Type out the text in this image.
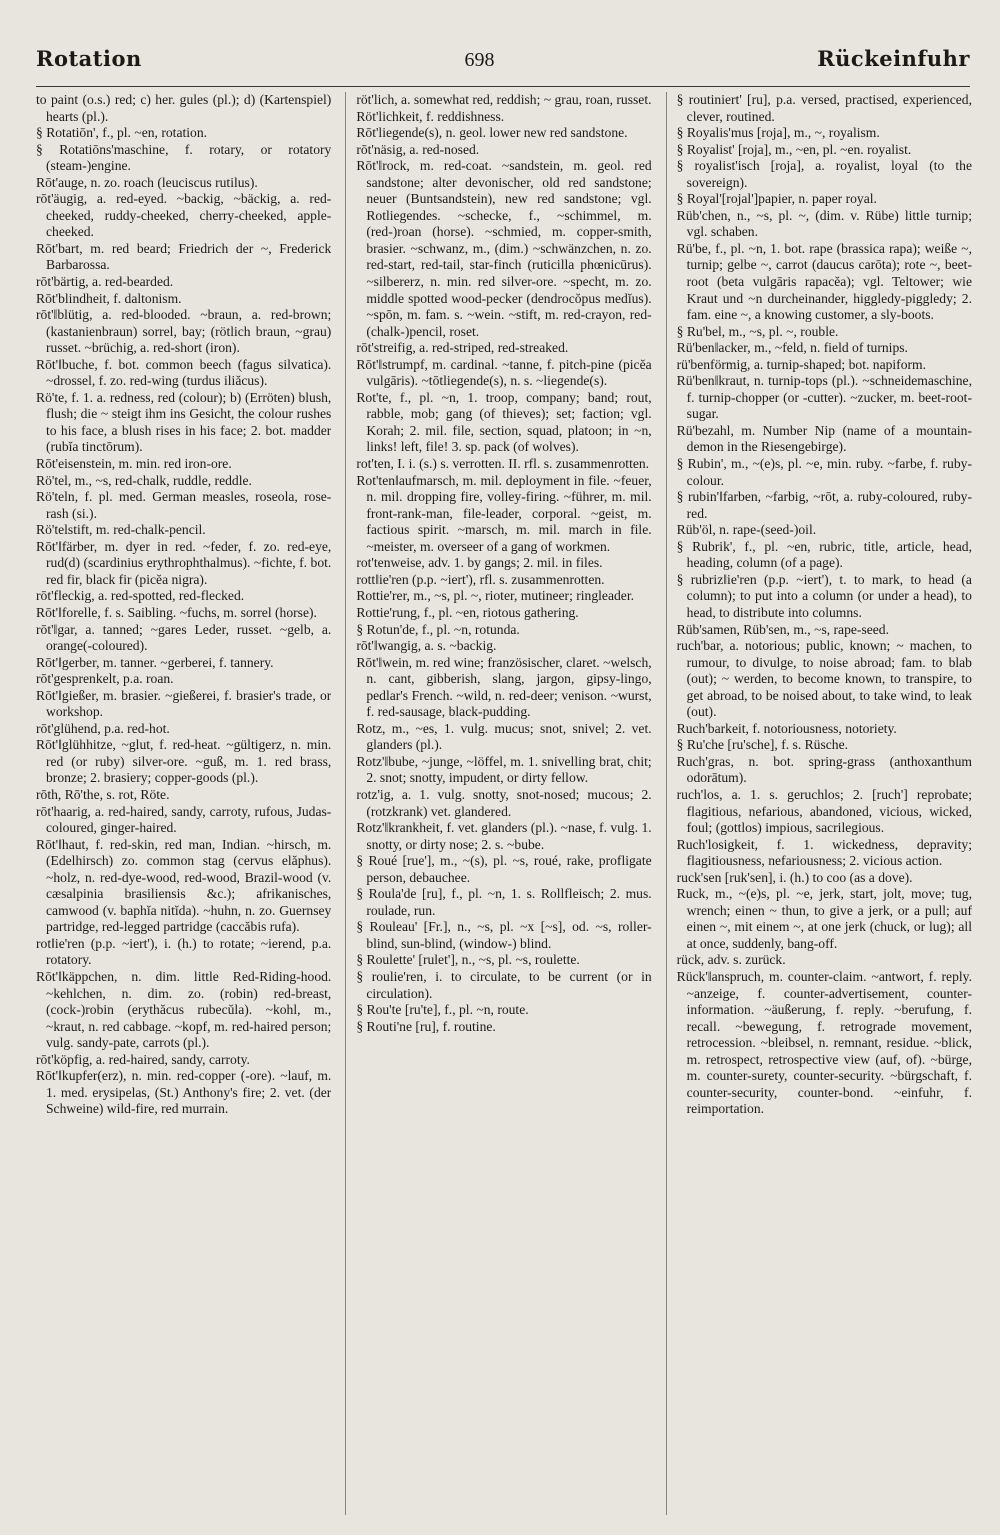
Rotation	698	Rückeinfuhr

to paint (o.s.) red; c) her. gules (pl.); d) (Kartenspiel) hearts (pl.).

§ Rotatiōn', f., pl. ~en, rotation.

§ Rotatiōns'maschine, f. rotary, or rotatory (steam-)engine.

Rōt'auge, n. zo. roach (leuciscus rutilus).

rōt'äugig, a. red-eyed. ~backig, ~bäckig, a. red-cheeked, ruddy-cheeked, cherry-cheeked, apple-cheeked.

Rōt'bart, m. red beard; Friedrich der ~, Frederick Barbarossa.

rōt'bärtig, a. red-bearded.

Rōt'blindheit, f. daltonism.

rōt'‖blütig, a. red-blooded. ~braun, a. red-brown; (kastanienbraun) sorrel, bay; (rötlich braun, ~grau) russet. ~brüchig, a. red-short (iron).

Rōt'‖buche, f. bot. common beech (fagus silvatica). ~drossel, f. zo. red-wing (turdus iliăcus).

Rö'te, f. 1. a. redness, red (colour); b) (Erröten) blush, flush; die ~ steigt ihm ins Gesicht, the colour rushes to his face, a blush rises in his face; 2. bot. madder (rubĭa tinctōrum).

Rōt'eisenstein, m. min. red iron-ore.

Rö'tel, m., ~s, red-chalk, ruddle, reddle.

Rö'teln, f. pl. med. German measles, roseola, rose-rash (si.).

Rö'telstift, m. red-chalk-pencil.

Rōt'‖färber, m. dyer in red. ~feder, f. zo. red-eye, rud(d) (scardinius erythrophthalmus). ~fichte, f. bot. red fir, black fir (picĕa nigra).

rōt'fleckig, a. red-spotted, red-flecked.

Rōt'‖forelle, f. s. Saibling. ~fuchs, m. sorrel (horse).

rōt'‖gar, a. tanned; ~gares Leder, russet. ~gelb, a. orange(-coloured).

Rōt'‖gerber, m. tanner. ~gerberei, f. tannery.

rōt'gesprenkelt, p.a. roan.

Rōt'‖gießer, m. brasier. ~gießerei, f. brasier's trade, or workshop.

rōt'glühend, p.a. red-hot.

Rōt'‖glühhitze, ~glut, f. red-heat. ~gültigerz, n. min. red (or ruby) silver-ore. ~guß, m. 1. red brass, bronze; 2. brasiery; copper-goods (pl.).

rōth, Rō'the, s. rot, Röte.

rōt'haarig, a. red-haired, sandy, carroty, rufous, Judas-coloured, ginger-haired.

Rōt'‖haut, f. red-skin, red man, Indian. ~hirsch, m. (Edelhirsch) zo. common stag (cervus elăphus). ~holz, n. red-dye-wood, red-wood, Brazil-wood (v. cæsalpinia brasiliensis &c.); afrikanisches, camwood (v. baphĭa nitĭda). ~huhn, n. zo. Guernsey partridge, red-legged partridge (caccăbis rufa).

rot‖ie'ren (p.p. ~iert'), i. (h.) to rotate; ~ierend, p.a. rotatory.

Rōt'‖käppchen, n. dim. little Red-Riding-hood. ~kehlchen, n. dim. zo. (robin) red-breast, (cock-)robin (erythăcus rubecŭla). ~kohl, m., ~kraut, n. red cabbage. ~kopf, m. red-haired person; vulg. sandy-pate, carrots (pl.).

rōt'köpfig, a. red-haired, sandy, carroty.

Rōt'‖kupfer(erz), n. min. red-copper (-ore). ~lauf, m. 1. med. erysipelas, (St.) Anthony's fire; 2. vet. (der Schweine) wild-fire, red murrain.

röt'lich, a. somewhat red, reddish; ~ grau, roan, russet.

Röt'lichkeit, f. reddishness.

Rōt'liegende(s), n. geol. lower new red sandstone.

rōt'näsig, a. red-nosed.

Rōt'‖rock, m. red-coat. ~sandstein, m. geol. red sandstone; alter devonischer, old red sandstone; neuer (Buntsandstein), new red sandstone; vgl. Rotliegendes. ~schecke, f., ~schimmel, m. (red-)roan (horse). ~schmied, m. copper-smith, brasier. ~schwanz, m., (dim.) ~schwänzchen, n. zo. red-start, red-tail, star-finch (ruticilla phœnicūrus). ~silbererz, n. min. red silver-ore. ~specht, m. zo. middle spotted wood-pecker (dendrocŏpus medĭus). ~spōn, m. fam. s. ~wein. ~stift, m. red-crayon, red-(chalk-)pencil, roset.

rōt'streifig, a. red-striped, red-streaked.

Rōt'‖strumpf, m. cardinal. ~tanne, f. pitch-pine (picĕa vulgāris). ~tōtliegende(s), n. s. ~liegende(s).

Rot'te, f., pl. ~n, 1. troop, company; band; rout, rabble, mob; gang (of thieves); set; faction; vgl. Korah; 2. mil. file, section, squad, platoon; in ~n, links! left, file! 3. sp. pack (of wolves).

rot'ten, I. i. (s.) s. verrotten. II. rfl. s. zusammenrotten.

Rot'ten‖aufmarsch, m. mil. deployment in file. ~feuer, n. mil. dropping fire, volley-firing. ~führer, m. mil. front-rank-man, file-leader, corporal. ~geist, m. factious spirit. ~marsch, m. mil. march in file. ~meister, m. overseer of a gang of workmen.

rot'tenweise, adv. 1. by gangs; 2. mil. in files.

rott‖ie'ren (p.p. ~iert'), rfl. s. zusammenrotten.

Rottie'rer, m., ~s, pl. ~, rioter, mutineer; ringleader.

Rottie'rung, f., pl. ~en, riotous gathering.

§ Rotun'de, f., pl. ~n, rotunda.

rōt'‖wangig, a. s. ~backig.

Rōt'‖wein, m. red wine; französischer, claret. ~welsch, n. cant, gibberish, slang, jargon, gipsy-lingo, pedlar's French. ~wild, n. red-deer; venison. ~wurst, f. red-sausage, black-pudding.

Rotz, m., ~es, 1. vulg. mucus; snot, snivel; 2. vet. glanders (pl.).

Rotz'‖bube, ~junge, ~löffel, m. 1. snivelling brat, chit; 2. snot; snotty, impudent, or dirty fellow.

rotz'ig, a. 1. vulg. snotty, snot-nosed; mucous; 2. (rotzkrank) vet. glandered.

Rotz'‖krankheit, f. vet. glanders (pl.). ~nase, f. vulg. 1. snotty, or dirty nose; 2. s. ~bube.

§ Roué [rue'], m., ~(s), pl. ~s, roué, rake, profligate person, debauchee.

§ Roula'de [ru], f., pl. ~n, 1. s. Rollfleisch; 2. mus. roulade, run.

§ Rouleau' [Fr.], n., ~s, pl. ~x [~s], od. ~s, roller-blind, sun-blind, (window-) blind.

§ Roulette' [rulet'], n., ~s, pl. ~s, roulette.

§ roulie'ren, i. to circulate, to be current (or in circulation).

§ Rou'te [ru'te], f., pl. ~n, route.

§ Routi'ne [ru], f. routine.

§ routiniert' [ru], p.a. versed, practised, experienced, clever, routined.

§ Royalis'mus [roja], m., ~, royalism.

§ Royalist' [roja], m., ~en, pl. ~en. royalist.

§ royalist'isch [roja], a. royalist, loyal (to the sovereign).

§ Royal'[rojal']papier, n. paper royal.

Rüb'chen, n., ~s, pl. ~, (dim. v. Rübe) little turnip; vgl. schaben.

Rü'be, f., pl. ~n, 1. bot. rape (brassica rapa); weiße ~, turnip; gelbe ~, carrot (daucus carōta); rote ~, beet-root (beta vulgāris rapacĕa); vgl. Teltower; wie Kraut und ~n durcheinander, higgledy-piggledy; 2. fam. eine ~, a knowing customer, a sly-boots.

§ Ru'bel, m., ~s, pl. ~, rouble.

Rü'ben‖acker, m., ~feld, n. field of turnips.

rü'benförmig, a. turnip-shaped; bot. napiform.

Rü'ben‖kraut, n. turnip-tops (pl.). ~schneidemaschine, f. turnip-chopper (or -cutter). ~zucker, m. beet-root-sugar.

Rü'bezahl, m. Number Nip (name of a mountain-demon in the Riesengebirge).

§ Rubin', m., ~(e)s, pl. ~e, min. ruby. ~farbe, f. ruby-colour.

§ rubin'‖farben, ~farbig, ~rōt, a. ruby-coloured, ruby-red.

Rüb'öl, n. rape-(seed-)oil.

§ Rubrik', f., pl. ~en, rubric, title, article, head, heading, column (of a page).

§ rubriz‖ie'ren (p.p. ~iert'), t. to mark, to head (a column); to put into a column (or under a head), to head, to distribute into columns.

Rüb'samen, Rüb'sen, m., ~s, rape-seed.

ruch'bar, a. notorious; public, known; ~ machen, to rumour, to divulge, to noise abroad; fam. to blab (out); ~ werden, to become known, to transpire, to get abroad, to be noised about, to take wind, to leak (out).

Ruch'barkeit, f. notoriousness, notoriety.

§ Ru'che [ru'sche], f. s. Rüsche.

Ruch'gras, n. bot. spring-grass (anthoxanthum odorātum).

ruch'los, a. 1. s. geruchlos; 2. [ruch'] reprobate; flagitious, nefarious, abandoned, vicious, wicked, foul; (gottlos) impious, sacrilegious.

Ruch'losigkeit, f. 1. wickedness, depravity; flagitiousness, nefariousness; 2. vicious action.

ruck'sen [ruk'sen], i. (h.) to coo (as a dove).

Ruck, m., ~(e)s, pl. ~e, jerk, start, jolt, move; tug, wrench; einen ~ thun, to give a jerk, or a pull; auf einen ~, mit einem ~, at one jerk (chuck, or lug); all at once, suddenly, bang-off.

rück, adv. s. zurück.

Rück'‖anspruch, m. counter-claim. ~antwort, f. reply. ~anzeige, f. counter-advertisement, counter-information. ~äußerung, f. reply. ~berufung, f. recall. ~bewegung, f. retrograde movement, retrocession. ~bleibsel, n. remnant, residue. ~blick, m. retrospect, retrospective view (auf, of). ~bürge, m. counter-surety, counter-security. ~bürgschaft, f. counter-security, counter-bond. ~einfuhr, f. reimportation.
